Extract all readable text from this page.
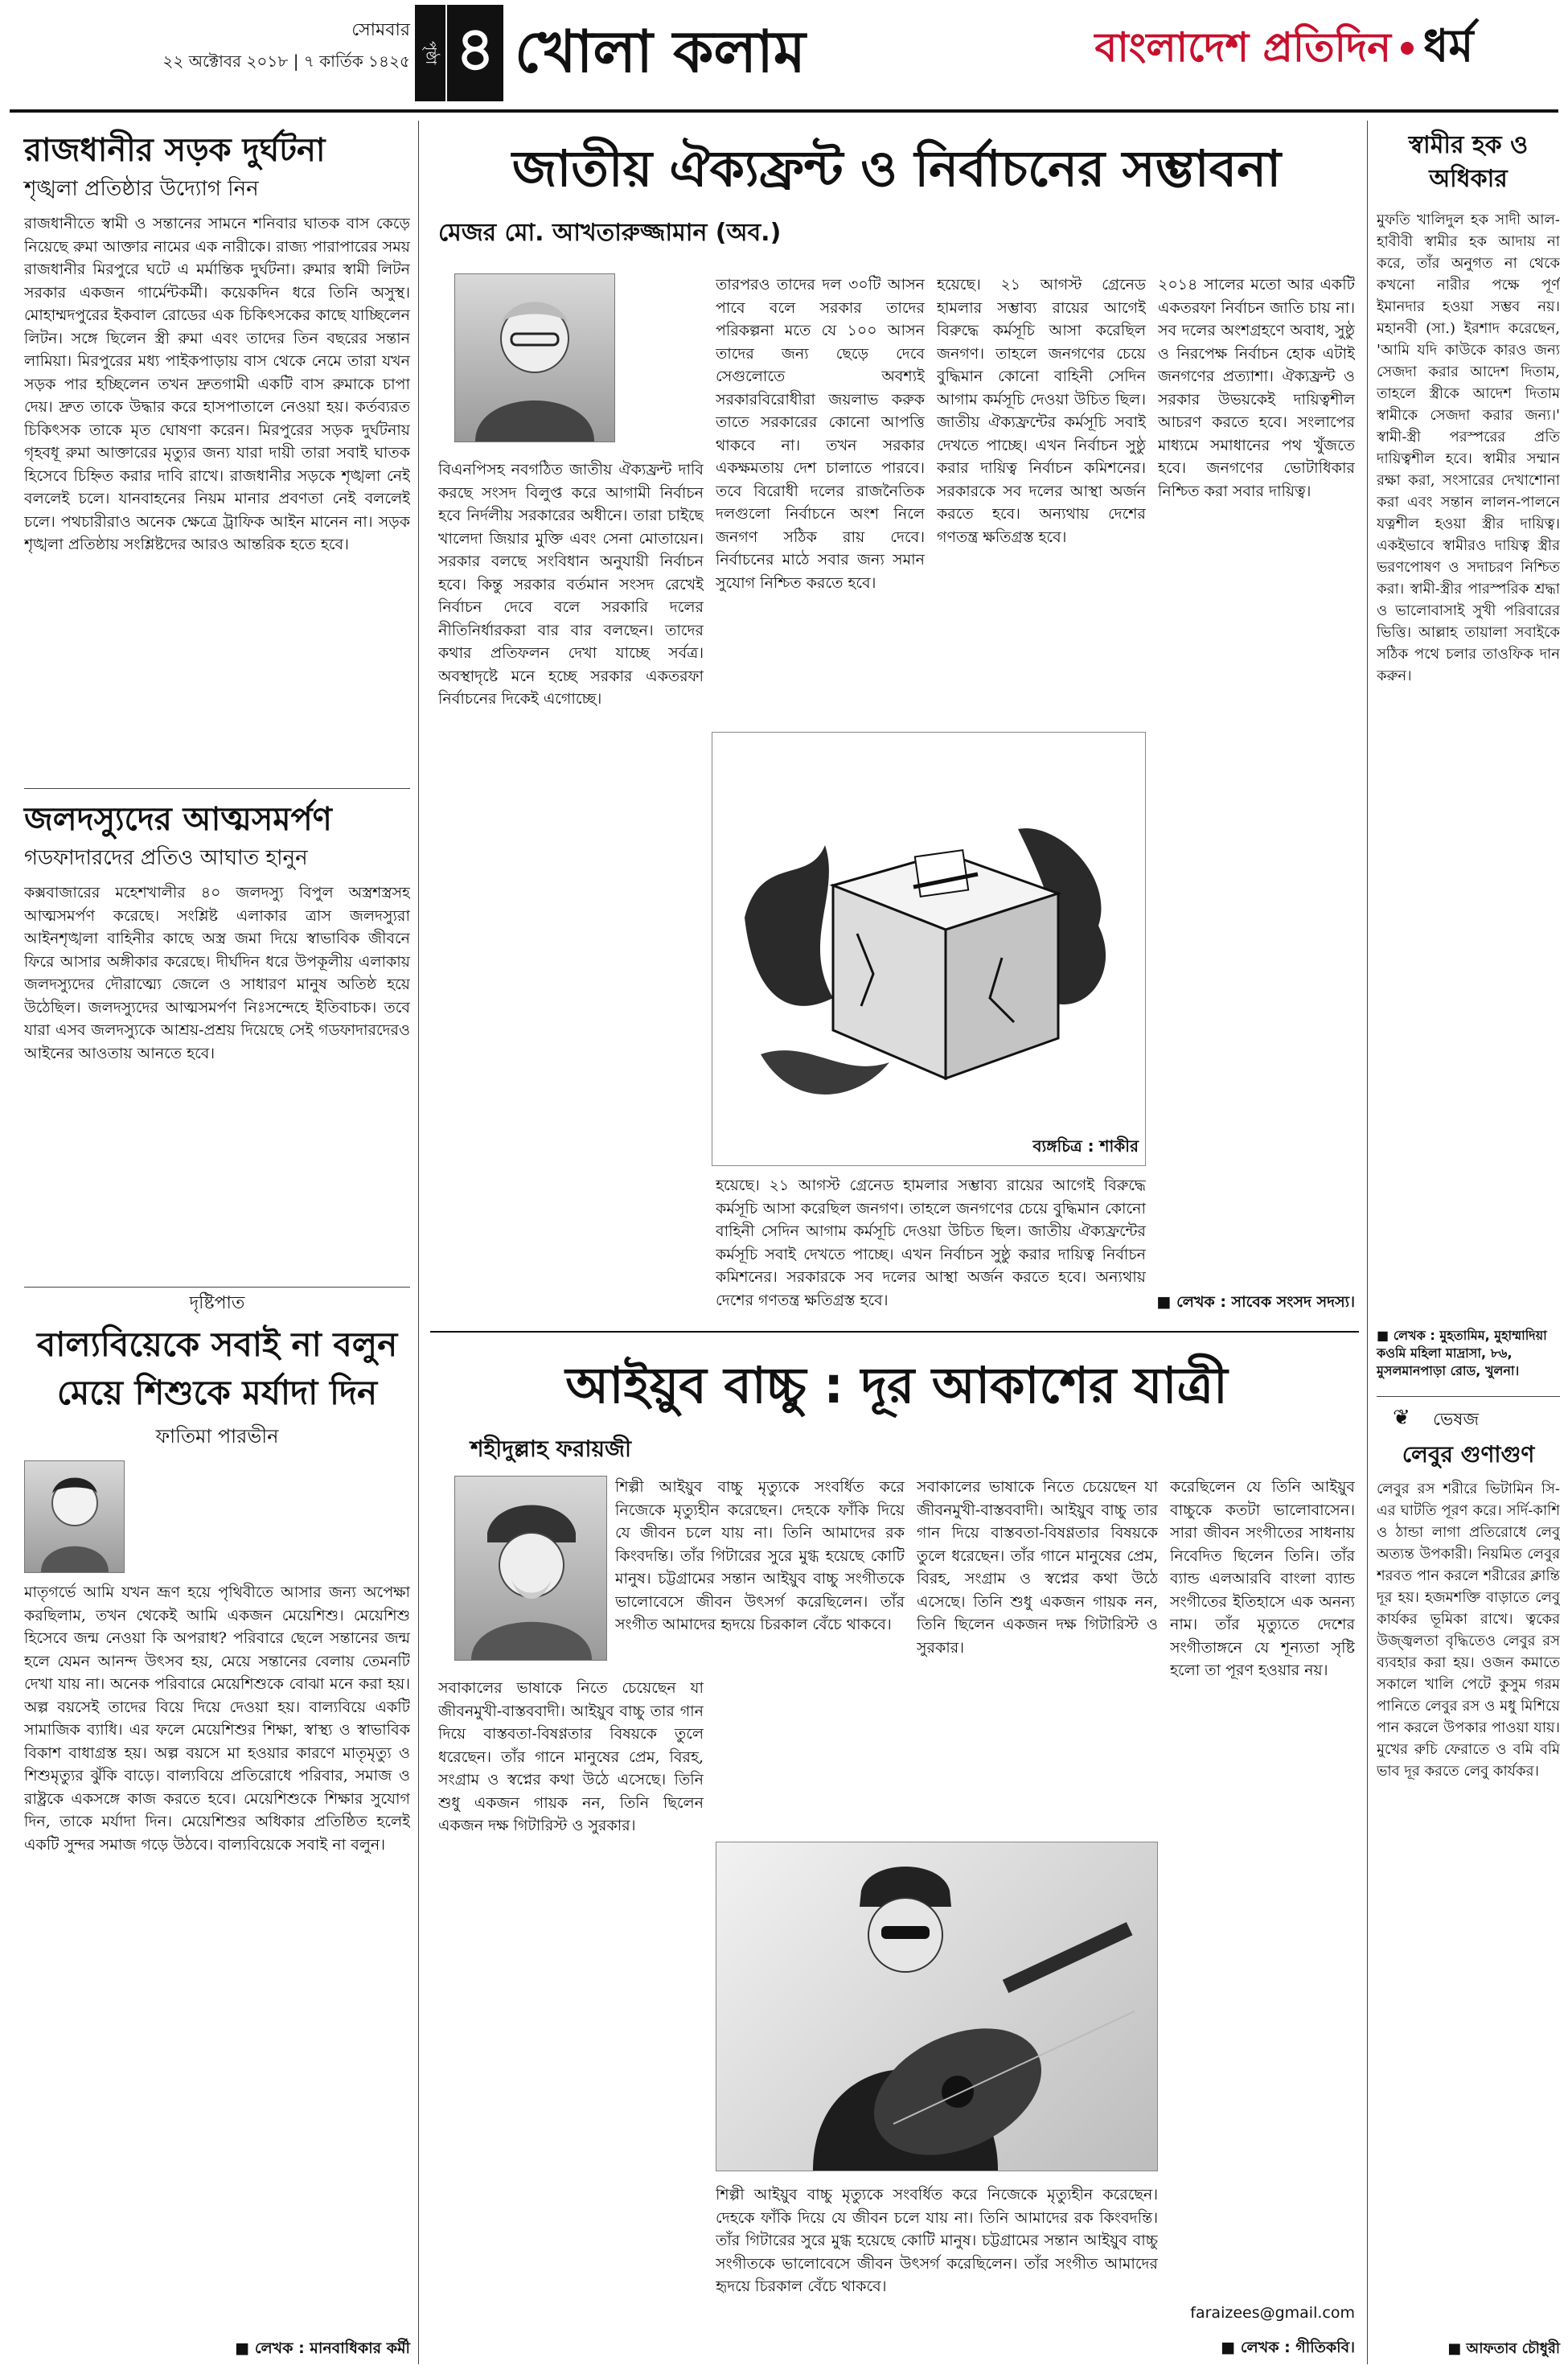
সোমবার
২২ অক্টোবর ২০১৮ | ৭ কার্তিক ১৪২৫ পৃষ্ঠা ৪ খোলা কলাম	বাংলাদেশ প্রতিদিন ধর্ম
রাজধানীর সড়ক দুর্ঘটনা
শৃঙ্খলা প্রতিষ্ঠার উদ্যোগ নিন
রাজধানীতে স্বামী ও সন্তানের সামনে শনিবার ঘাতক বাস কেড়ে নিয়েছে রুমা আক্তার নামের এক নারীকে। রাজ্য পারাপারের সময় রাজধানীর মিরপুরে ঘটে এ মর্মান্তিক দুর্ঘটনা। রুমার স্বামী লিটন সরকার একজন গার্মেন্টকর্মী। কয়েকদিন ধরে তিনি অসুস্থ। মোহাম্মদপুরের ইকবাল রোডের এক চিকিৎসকের কাছে যাচ্ছিলেন লিটন। সঙ্গে ছিলেন স্ত্রী রুমা এবং তাদের তিন বছরের সন্তান লামিয়া। মিরপুরের মধ্য পাইকপাড়ায় বাস থেকে নেমে তারা যখন সড়ক পার হচ্ছিলেন তখন দ্রুতগামী একটি বাস রুমাকে চাপা দেয়। দ্রুত তাকে উদ্ধার করে হাসপাতালে নেওয়া হয়। কর্তব্যরত চিকিৎসক তাকে মৃত ঘোষণা করেন। মিরপুরের সড়ক দুর্ঘটনায় গৃহবধূ রুমা আক্তারের মৃত্যুর জন্য যারা দায়ী তারা সবাই ঘাতক হিসেবে চিহ্নিত করার দাবি রাখে। রাজধানীর সড়কে শৃঙ্খলা নেই বললেই চলে। যানবাহনের নিয়ম মানার প্রবণতা নেই বললেই চলে। পথচারীরাও অনেক ক্ষেত্রে ট্রাফিক আইন মানেন না। সড়ক শৃঙ্খলা প্রতিষ্ঠায় সংশ্লিষ্টদের আরও আন্তরিক হতে হবে।
জলদস্যুদের আত্মসমর্পণ
গডফাদারদের প্রতিও আঘাত হানুন
কক্সবাজারের মহেশখালীর ৪০ জলদস্যু বিপুল অস্ত্রশস্ত্রসহ আত্মসমর্পণ করেছে। সংশ্লিষ্ট এলাকার ত্রাস জলদস্যুরা আইনশৃঙ্খলা বাহিনীর কাছে অস্ত্র জমা দিয়ে স্বাভাবিক জীবনে ফিরে আসার অঙ্গীকার করেছে। দীর্ঘদিন ধরে উপকূলীয় এলাকায় জলদস্যুদের দৌরাত্ম্যে জেলে ও সাধারণ মানুষ অতিষ্ঠ হয়ে উঠেছিল। জলদস্যুদের আত্মসমর্পণ নিঃসন্দেহে ইতিবাচক। তবে যারা এসব জলদস্যুকে আশ্রয়-প্রশ্রয় দিয়েছে সেই গডফাদারদেরও আইনের আওতায় আনতে হবে।
দৃষ্টিপাত
বাল্যবিয়েকে সবাই না বলুন মেয়ে শিশুকে মর্যাদা দিন
ফাতিমা পারভীন
মাতৃগর্ভে আমি যখন ভ্রূণ হয়ে পৃথিবীতে আসার জন্য অপেক্ষা করছিলাম, তখন থেকেই আমি একজন মেয়েশিশু। মেয়েশিশু হিসেবে জন্ম নেওয়া কি অপরাধ? পরিবারে ছেলে সন্তানের জন্ম হলে যেমন আনন্দ উৎসব হয়, মেয়ে সন্তানের বেলায় তেমনটি দেখা যায় না। অনেক পরিবারে মেয়েশিশুকে বোঝা মনে করা হয়। অল্প বয়সেই তাদের বিয়ে দিয়ে দেওয়া হয়। বাল্যবিয়ে একটি সামাজিক ব্যাধি। এর ফলে মেয়েশিশুর শিক্ষা, স্বাস্থ্য ও স্বাভাবিক বিকাশ বাধাগ্রস্ত হয়। অল্প বয়সে মা হওয়ার কারণে মাতৃমৃত্যু ও শিশুমৃত্যুর ঝুঁকি বাড়ে। বাল্যবিয়ে প্রতিরোধে পরিবার, সমাজ ও রাষ্ট্রকে একসঙ্গে কাজ করতে হবে। মেয়েশিশুকে শিক্ষার সুযোগ দিন, তাকে মর্যাদা দিন। মেয়েশিশুর অধিকার প্রতিষ্ঠিত হলেই একটি সুন্দর সমাজ গড়ে উঠবে। বাল্যবিয়েকে সবাই না বলুন।
■ লেখক : মানবাধিকার কর্মী
জাতীয় ঐক্যফ্রন্ট ও নির্বাচনের সম্ভাবনা
মেজর মো. আখতারুজ্জামান (অব.)
বিএনপিসহ নবগঠিত জাতীয় ঐক্যফ্রন্ট দাবি করছে সংসদ বিলুপ্ত করে আগামী নির্বাচন হবে নির্দলীয় সরকারের অধীনে। তারা চাইছে খালেদা জিয়ার মুক্তি এবং সেনা মোতায়েন। সরকার বলছে সংবিধান অনুযায়ী নির্বাচন হবে। কিন্তু সরকার বর্তমান সংসদ রেখেই নির্বাচন দেবে বলে সরকারি দলের নীতিনির্ধারকরা বার বার বলছেন। তাদের কথার প্রতিফলন দেখা যাচ্ছে সর্বত্র। অবস্থাদৃষ্টে মনে হচ্ছে সরকার একতরফা নির্বাচনের দিকেই এগোচ্ছে।
তারপরও তাদের দল ৩০টি আসন পাবে বলে সরকার তাদের পরিকল্পনা মতে যে ১০০ আসন তাদের জন্য ছেড়ে দেবে সেগুলোতে অবশ্যই সরকারবিরোধীরা জয়লাভ করুক তাতে সরকারের কোনো আপত্তি থাকবে না। তখন সরকার একক্ষমতায় দেশ চালাতে পারবে। তবে বিরোধী দলের রাজনৈতিক দলগুলো নির্বাচনে অংশ নিলে জনগণ সঠিক রায় দেবে। নির্বাচনের মাঠে সবার জন্য সমান সুযোগ নিশ্চিত করতে হবে।
হয়েছে। ২১ আগস্ট গ্রেনেড হামলার সম্ভাব্য রায়ের আগেই বিরুদ্ধে কর্মসূচি আসা করেছিল জনগণ। তাহলে জনগণের চেয়ে বুদ্ধিমান কোনো বাহিনী সেদিন আগাম কর্মসূচি দেওয়া উচিত ছিল। জাতীয় ঐক্যফ্রন্টের কর্মসূচি সবাই দেখতে পাচ্ছে। এখন নির্বাচন সুষ্ঠু করার দায়িত্ব নির্বাচন কমিশনের। সরকারকে সব দলের আস্থা অর্জন করতে হবে। অন্যথায় দেশের গণতন্ত্র ক্ষতিগ্রস্ত হবে।
২০১৪ সালের মতো আর একটি একতরফা নির্বাচন জাতি চায় না। সব দলের অংশগ্রহণে অবাধ, সুষ্ঠু ও নিরপেক্ষ নির্বাচন হোক এটাই জনগণের প্রত্যাশা। ঐক্যফ্রন্ট ও সরকার উভয়কেই দায়িত্বশীল আচরণ করতে হবে। সংলাপের মাধ্যমে সমাধানের পথ খুঁজতে হবে। জনগণের ভোটাধিকার নিশ্চিত করা সবার দায়িত্ব।
ব্যঙ্গচিত্র : শাকীর
হয়েছে। ২১ আগস্ট গ্রেনেড হামলার সম্ভাব্য রায়ের আগেই বিরুদ্ধে কর্মসূচি আসা করেছিল জনগণ। তাহলে জনগণের চেয়ে বুদ্ধিমান কোনো বাহিনী সেদিন আগাম কর্মসূচি দেওয়া উচিত ছিল। জাতীয় ঐক্যফ্রন্টের কর্মসূচি সবাই দেখতে পাচ্ছে। এখন নির্বাচন সুষ্ঠু করার দায়িত্ব নির্বাচন কমিশনের। সরকারকে সব দলের আস্থা অর্জন করতে হবে। অন্যথায় দেশের গণতন্ত্র ক্ষতিগ্রস্ত হবে।	■ লেখক : সাবেক সংসদ সদস্য।
আইয়ুব বাচ্চু : দূর আকাশের যাত্রী
শহীদুল্লাহ ফরায়জী
শিল্পী আইয়ুব বাচ্চু মৃত্যুকে সংবর্ধিত করে নিজেকে মৃত্যুহীন করেছেন। দেহকে ফাঁকি দিয়ে যে জীবন চলে যায় না। তিনি আমাদের রক কিংবদন্তি। তাঁর গিটারের সুরে মুগ্ধ হয়েছে কোটি মানুষ। চট্টগ্রামের সন্তান আইয়ুব বাচ্চু সংগীতকে ভালোবেসে জীবন উৎসর্গ করেছিলেন। তাঁর সংগীত আমাদের হৃদয়ে চিরকাল বেঁচে থাকবে।
সবাকালের ভাষাকে নিতে চেয়েছেন যা জীবনমুখী-বাস্তববাদী। আইয়ুব বাচ্চু তার গান দিয়ে বাস্তবতা-বিষণ্ণতার বিষয়কে তুলে ধরেছেন। তাঁর গানে মানুষের প্রেম, বিরহ, সংগ্রাম ও স্বপ্নের কথা উঠে এসেছে। তিনি শুধু একজন গায়ক নন, তিনি ছিলেন একজন দক্ষ গিটারিস্ট ও সুরকার।
সবাকালের ভাষাকে নিতে চেয়েছেন যা জীবনমুখী-বাস্তববাদী। আইয়ুব বাচ্চু তার গান দিয়ে বাস্তবতা-বিষণ্ণতার বিষয়কে তুলে ধরেছেন। তাঁর গানে মানুষের প্রেম, বিরহ, সংগ্রাম ও স্বপ্নের কথা উঠে এসেছে। তিনি শুধু একজন গায়ক নন, তিনি ছিলেন একজন দক্ষ গিটারিস্ট ও সুরকার।
করেছিলেন যে তিনি আইয়ুব বাচ্চুকে কতটা ভালোবাসেন। সারা জীবন সংগীতের সাধনায় নিবেদিত ছিলেন তিনি। তাঁর ব্যান্ড এলআরবি বাংলা ব্যান্ড সংগীতের ইতিহাসে এক অনন্য নাম। তাঁর মৃত্যুতে দেশের সংগীতাঙ্গনে যে শূন্যতা সৃষ্টি হলো তা পূরণ হওয়ার নয়।
শিল্পী আইয়ুব বাচ্চু মৃত্যুকে সংবর্ধিত করে নিজেকে মৃত্যুহীন করেছেন। দেহকে ফাঁকি দিয়ে যে জীবন চলে যায় না। তিনি আমাদের রক কিংবদন্তি। তাঁর গিটারের সুরে মুগ্ধ হয়েছে কোটি মানুষ। চট্টগ্রামের সন্তান আইয়ুব বাচ্চু সংগীতকে ভালোবেসে জীবন উৎসর্গ করেছিলেন। তাঁর সংগীত আমাদের হৃদয়ে চিরকাল বেঁচে থাকবে।
faraizees@gmail.com
■ লেখক : গীতিকবি।
স্বামীর হক ও অধিকার
মুফতি খালিদুল হক সাদী আল-হাবীবী স্বামীর হক আদায় না করে, তাঁর অনুগত না থেকে কখনো নারীর পক্ষে পূর্ণ ইমানদার হওয়া সম্ভব নয়। মহানবী (সা.) ইরশাদ করেছেন, 'আমি যদি কাউকে কারও জন্য সেজদা করার আদেশ দিতাম, তাহলে স্ত্রীকে আদেশ দিতাম স্বামীকে সেজদা করার জন্য।' স্বামী-স্ত্রী পরস্পরের প্রতি দায়িত্বশীল হবে। স্বামীর সম্মান রক্ষা করা, সংসারের দেখাশোনা করা এবং সন্তান লালন-পালনে যত্নশীল হওয়া স্ত্রীর দায়িত্ব। একইভাবে স্বামীরও দায়িত্ব স্ত্রীর ভরণপোষণ ও সদাচরণ নিশ্চিত করা। স্বামী-স্ত্রীর পারস্পরিক শ্রদ্ধা ও ভালোবাসাই সুখী পরিবারের ভিত্তি। আল্লাহ তায়ালা সবাইকে সঠিক পথে চলার তাওফিক দান করুন।
■ লেখক : মুহতামিম, মুহাম্মাদিয়া কওমি মহিলা মাদ্রাসা, ৮৬, মুসলমানপাড়া রোড, খুলনা।
❦	ভেষজ
লেবুর গুণাগুণ
লেবুর রস শরীরে ভিটামিন সি-এর ঘাটতি পূরণ করে। সর্দি-কাশি ও ঠান্ডা লাগা প্রতিরোধে লেবু অত্যন্ত উপকারী। নিয়মিত লেবুর শরবত পান করলে শরীরের ক্লান্তি দূর হয়। হজমশক্তি বাড়াতে লেবু কার্যকর ভূমিকা রাখে। ত্বকের উজ্জ্বলতা বৃদ্ধিতেও লেবুর রস ব্যবহার করা হয়। ওজন কমাতে সকালে খালি পেটে কুসুম গরম পানিতে লেবুর রস ও মধু মিশিয়ে পান করলে উপকার পাওয়া যায়। মুখের রুচি ফেরাতে ও বমি বমি ভাব দূর করতে লেবু কার্যকর।
■ আফতাব চৌধুরী
